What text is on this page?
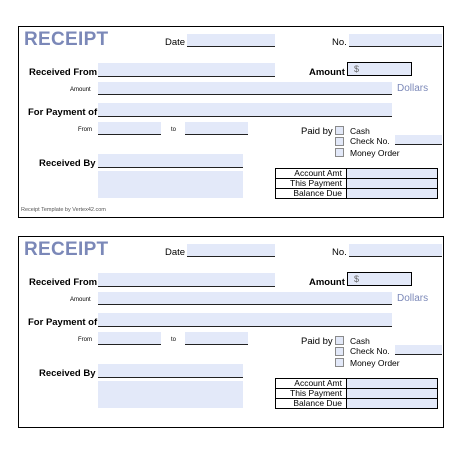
RECEIPT	Date	No.
Received From	Amount	$
Amount	Dollars
For Payment of
From	to	Paid by Cash
Check No.
Money Order
Received By
Account Amt	
This Payment	
Balance Due	
Receipt Template by Vertex42.com
RECEIPT	Date	No.
Received From	Amount	$
Amount	Dollars
For Payment of
From	to	Paid by Cash
Check No.
Money Order
Received By
Account Amt	
This Payment	
Balance Due	
